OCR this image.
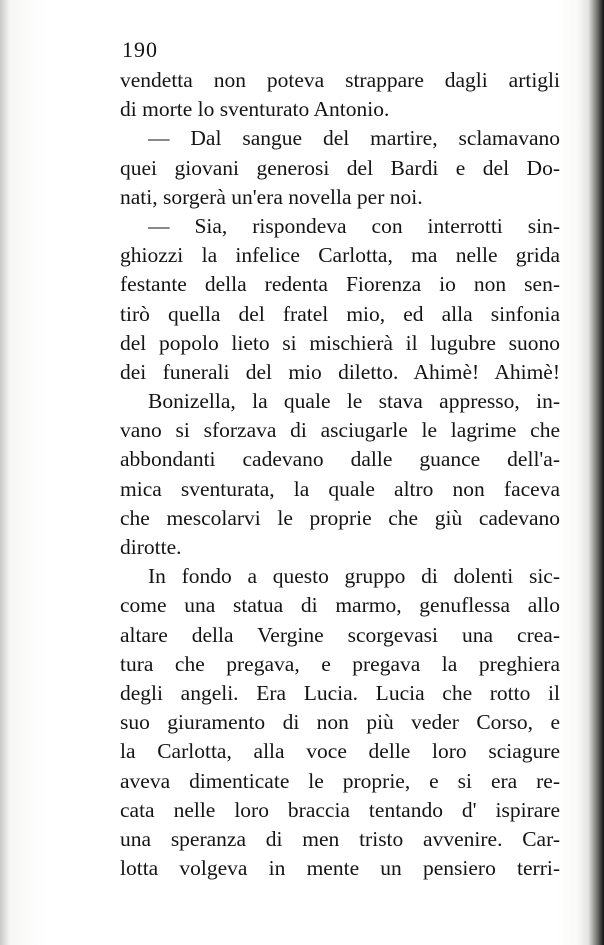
190
vendetta non poteva strappare dagli artigli
di morte lo sventurato Antonio.
— Dal sangue del martire, sclamavano
quei giovani generosi del Bardi e del Do-
nati, sorgerà un'era novella per noi.
— Sia, rispondeva con interrotti sin-
ghiozzi la infelice Carlotta, ma nelle grida
festante della redenta Fiorenza io non sen-
tirò quella del fratel mio, ed alla sinfonia
del popolo lieto si mischierà il lugubre suono
dei funerali del mio diletto. Ahimè! Ahimè!
Bonizella, la quale le stava appresso, in-
vano si sforzava di asciugarle le lagrime che
abbondanti cadevano dalle guance dell'a-
mica sventurata, la quale altro non faceva
che mescolarvi le proprie che giù cadevano
dirotte.
In fondo a questo gruppo di dolenti sic-
come una statua di marmo, genuflessa allo
altare della Vergine scorgevasi una crea-
tura che pregava, e pregava la preghiera
degli angeli. Era Lucia. Lucia che rotto il
suo giuramento di non più veder Corso, e
la Carlotta, alla voce delle loro sciagure
aveva dimenticate le proprie, e si era re-
cata nelle loro braccia tentando d' ispirare
una speranza di men tristo avvenire. Car-
lotta volgeva in mente un pensiero terri-
